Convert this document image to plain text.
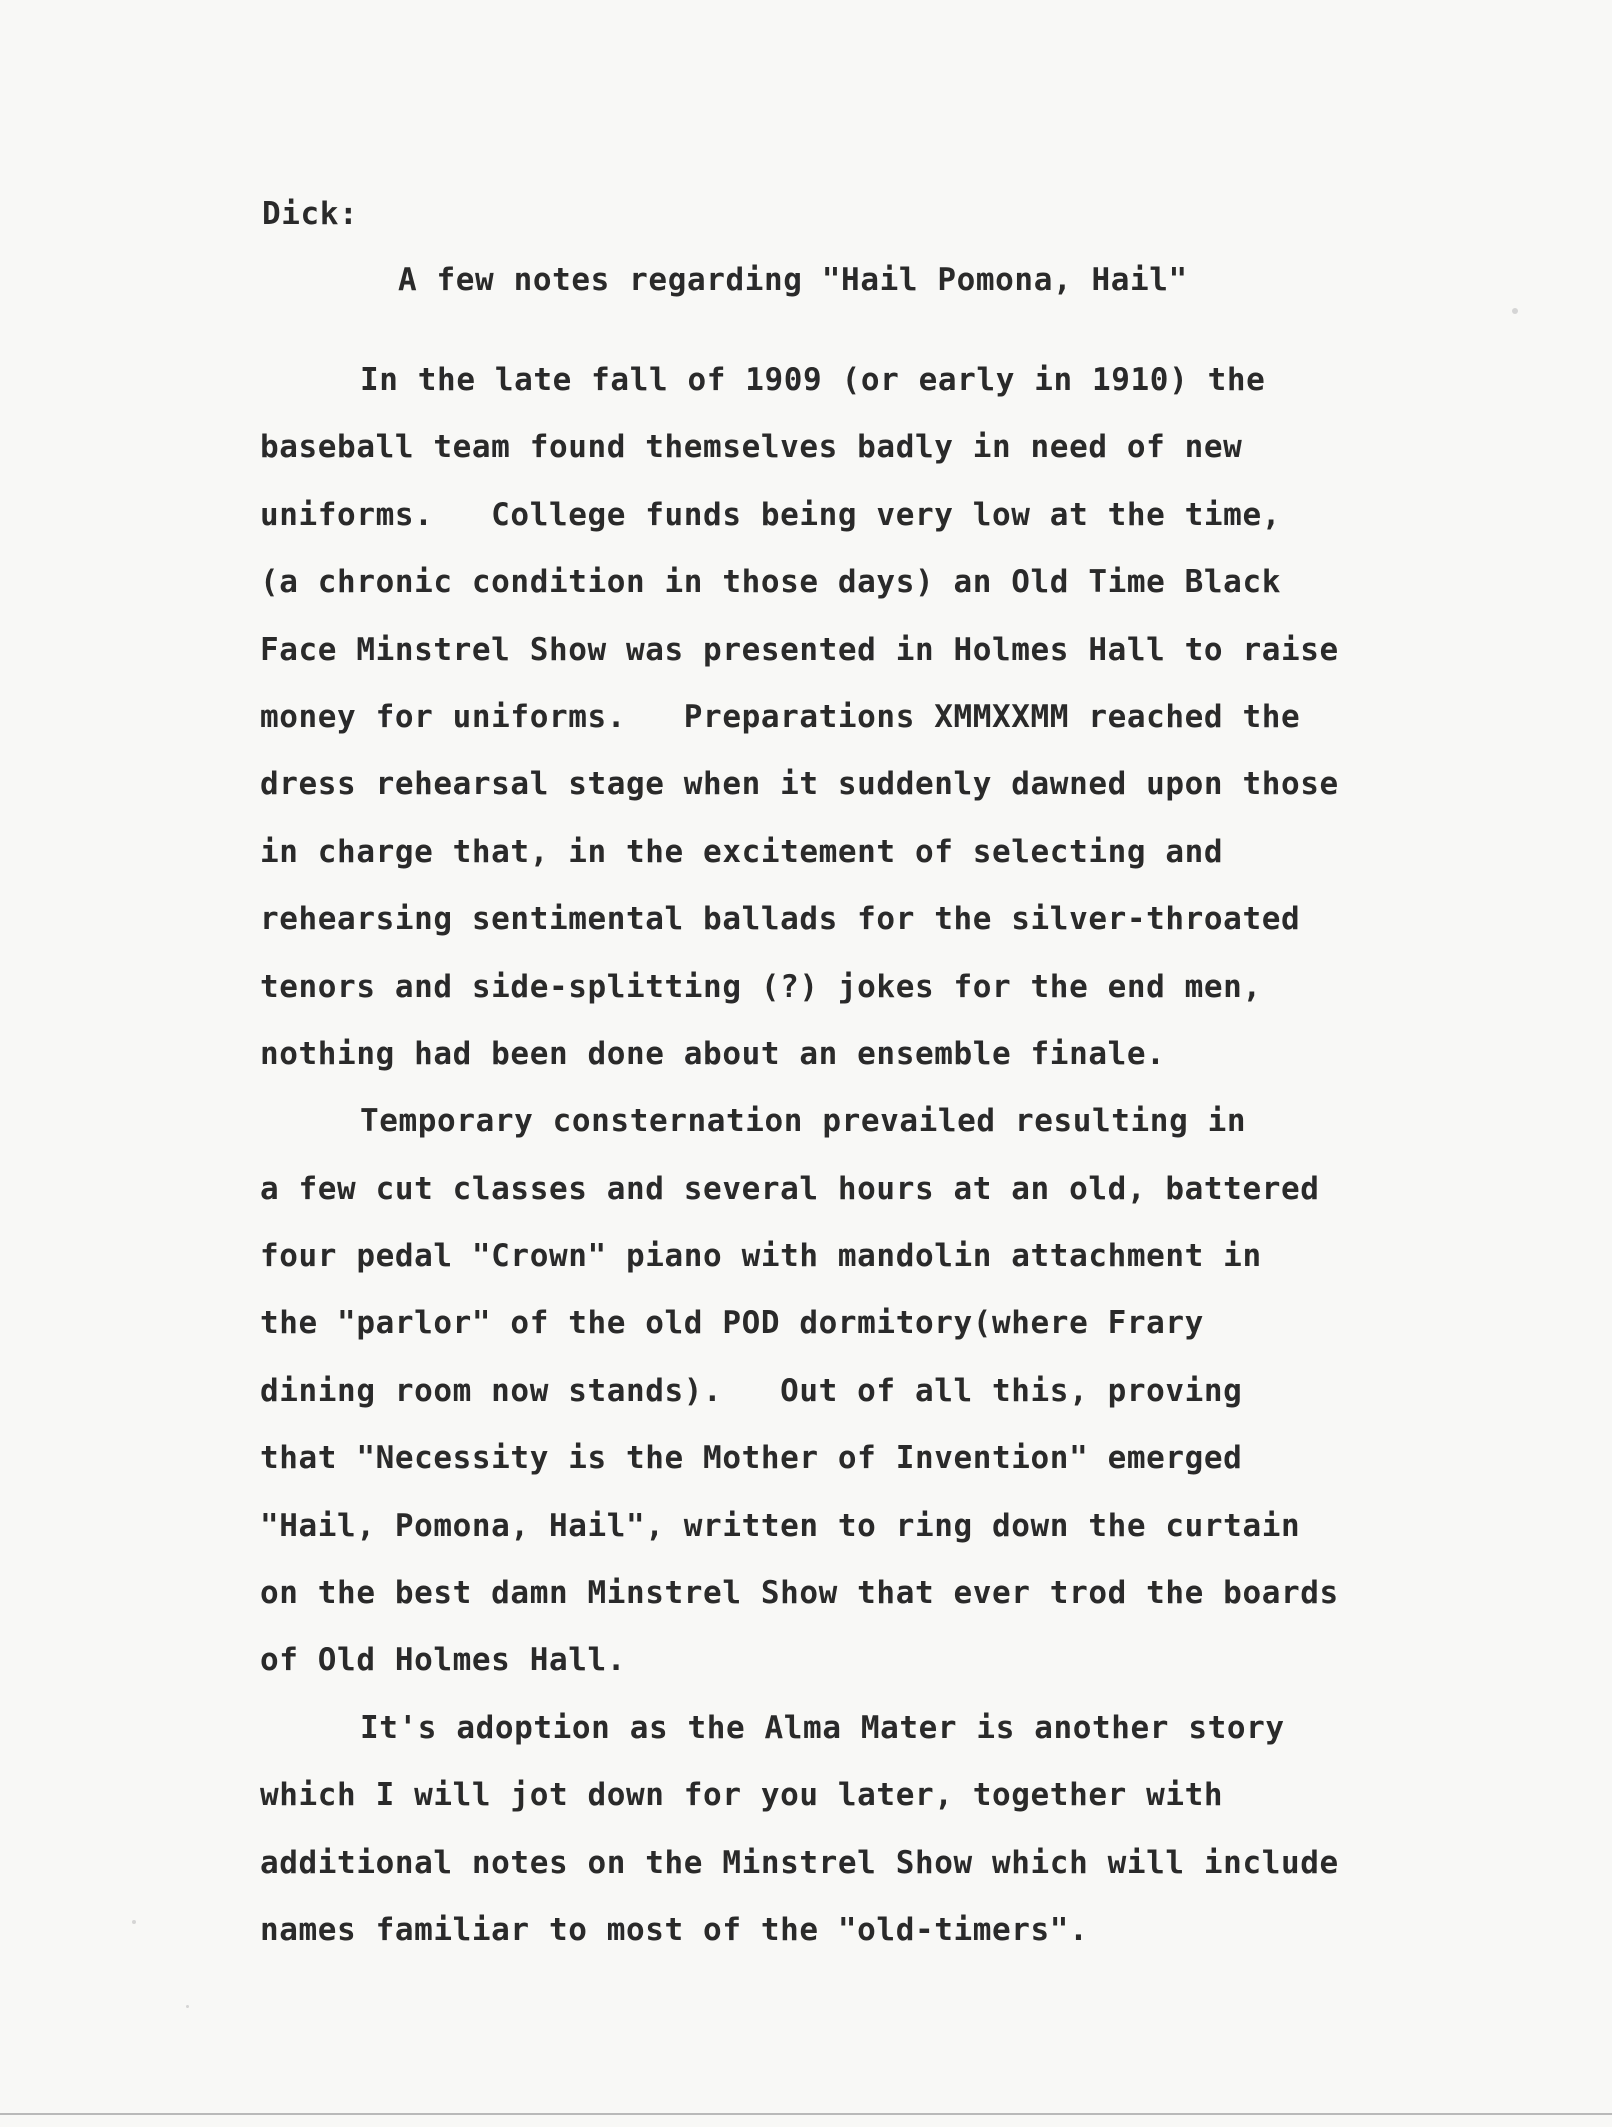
Dick:
A few notes regarding "Hail Pomona, Hail"
In the late fall of 1909 (or early in 1910) the
baseball team found themselves badly in need of new
uniforms.   College funds being very low at the time,
(a chronic condition in those days) an Old Time Black
Face Minstrel Show was presented in Holmes Hall to raise
money for uniforms.   Preparations XMMXXMM reached the
dress rehearsal stage when it suddenly dawned upon those
in charge that, in the excitement of selecting and
rehearsing sentimental ballads for the silver-throated
tenors and side-splitting (?) jokes for the end men,
nothing had been done about an ensemble finale.
Temporary consternation prevailed resulting in
a few cut classes and several hours at an old, battered
four pedal "Crown" piano with mandolin attachment in
the "parlor" of the old POD dormitory(where Frary
dining room now stands).   Out of all this, proving
that "Necessity is the Mother of Invention" emerged
"Hail, Pomona, Hail", written to ring down the curtain
on the best damn Minstrel Show that ever trod the boards
of Old Holmes Hall.
It's adoption as the Alma Mater is another story
which I will jot down for you later, together with
additional notes on the Minstrel Show which will include
names familiar to most of the "old-timers".
